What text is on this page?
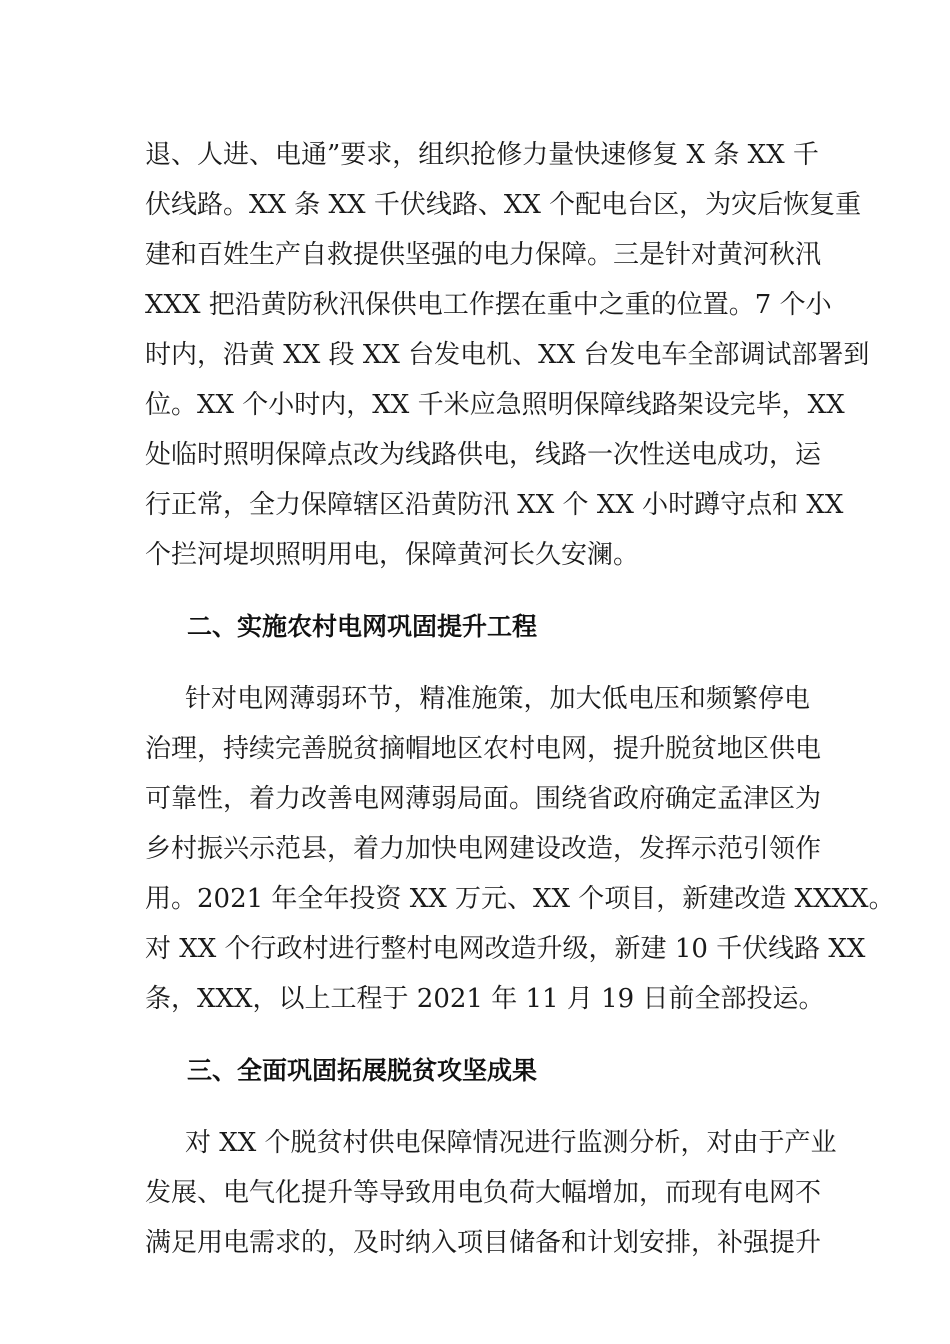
退、人进、电通”要求，组织抢修力量快速修复 X 条 XX 千
伏线路。XX 条 XX 千伏线路、XX 个配电台区，为灾后恢复重
建和百姓生产自救提供坚强的电力保障。三是针对黄河秋汛
XXX 把沿黄防秋汛保供电工作摆在重中之重的位置。7 个小
时内，沿黄 XX 段 XX 台发电机、XX 台发电车全部调试部署到
位。XX 个小时内，XX 千米应急照明保障线路架设完毕，XX
处临时照明保障点改为线路供电，线路一次性送电成功，运
行正常，全力保障辖区沿黄防汛 XX 个 XX 小时蹲守点和 XX
个拦河堤坝照明用电，保障黄河长久安澜。
二、实施农村电网巩固提升工程
针对电网薄弱环节，精准施策，加大低电压和频繁停电
治理，持续完善脱贫摘帽地区农村电网，提升脱贫地区供电
可靠性，着力改善电网薄弱局面。围绕省政府确定孟津区为
乡村振兴示范县，着力加快电网建设改造，发挥示范引领作
用。2021 年全年投资 XX 万元、XX 个项目，新建改造 XXXX。
对 XX 个行政村进行整村电网改造升级，新建 10 千伏线路 XX
条，XXX，以上工程于 2021 年 11 月 19 日前全部投运。
三、全面巩固拓展脱贫攻坚成果
对 XX 个脱贫村供电保障情况进行监测分析，对由于产业
发展、电气化提升等导致用电负荷大幅增加，而现有电网不
满足用电需求的，及时纳入项目储备和计划安排，补强提升
